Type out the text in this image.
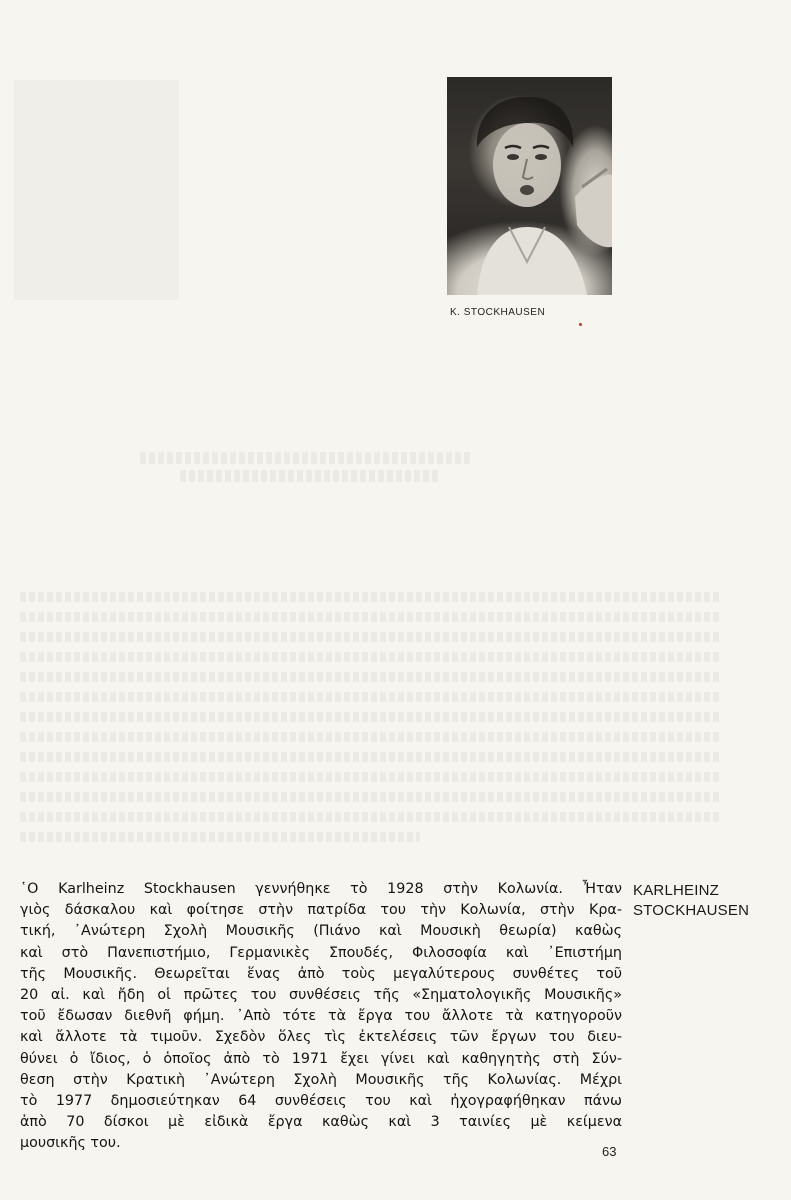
K. STOCKHAUSEN
῾Ο Karlheinz Stockhausen γεννήθηκε τὸ 1928 στὴν Κολωνία. Ἦταν
γιὸς δάσκαλου καὶ φοίτησε στὴν πατρίδα του τὴν Κολωνία, στὴν Κρα-
τική, ᾿Ανώτερη Σχολὴ Μουσικῆς (Πιάνο καὶ Μουσικὴ θεωρία) καθὼς
καὶ στὸ Πανεπιστήμιο, Γερμανικὲς Σπουδές, Φιλοσοφία καὶ ᾿Επιστήμη
τῆς Μουσικῆς. Θεωρεῖται ἕνας ἀπὸ τοὺς μεγαλύτερους συνθέτες τοῦ
20 αἰ. καὶ ἤδη οἱ πρῶτες του συνθέσεις τῆς «Σηματολογικῆς Μουσικῆς»
τοῦ ἔδωσαν διεθνῆ φήμη. ᾿Απὸ τότε τὰ ἔργα του ἄλλοτε τὰ κατηγοροῦν
καὶ ἄλλοτε τὰ τιμοῦν. Σχεδὸν ὅλες τὶς ἐκτελέσεις τῶν ἔργων του διευ-
θύνει ὁ ἴδιος, ὁ ὁποῖος ἀπὸ τὸ 1971 ἔχει γίνει καὶ καθηγητὴς στὴ Σύν-
θεση στὴν Κρατικὴ ᾿Ανώτερη Σχολὴ Μουσικῆς τῆς Κολωνίας. Μέχρι
τὸ 1977 δημοσιεύτηκαν 64 συνθέσεις του καὶ ἠχογραφήθηκαν πάνω
ἀπὸ 70 δίσκοι μὲ εἰδικὰ ἔργα καθὼς καὶ 3 ταινίες μὲ κείμενα
μουσικῆς του.
KARLHEINZ
STOCKHAUSEN
63
